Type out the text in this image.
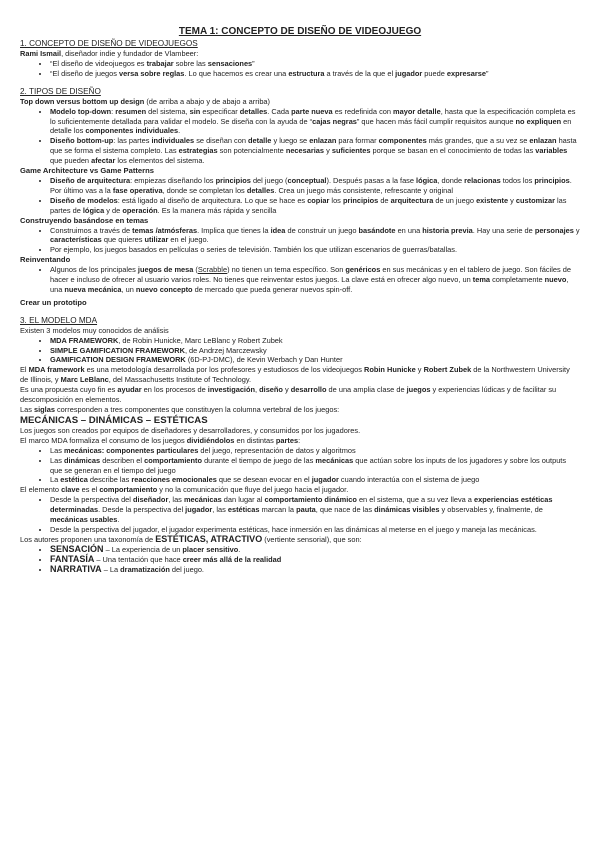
TEMA 1: CONCEPTO DE DISEÑO DE VIDEOJUEGO
1. CONCEPTO DE DISEÑO DE VIDEOJUEGOS

Rami Ismail, diseñador indie y fundador de Vlambeer:

• “El diseño de videojuegos es trabajar sobre las sensaciones”
• “El diseño de juegos versa sobre reglas. Lo que hacemos es crear una estructura a través de la que el jugador puede expresarse”
2. TIPOS DE DISEÑO

Top down versus bottom up design (de arriba a abajo y de abajo a arriba)

• Modelo top-down: resumen del sistema, sin especificar detalles. Cada parte nueva es redefinida con mayor detalle, hasta que la especificación completa es lo suficientemente detallada para validar el modelo. Se diseña con la ayuda de “cajas negras” que hacen más fácil cumplir requisitos aunque no expliquen en detalle los componentes individuales.
• Diseño bottom-up: las partes individuales se diseñan con detalle y luego se enlazan para formar componentes más grandes, que a su vez se enlazan hasta que se forma el sistema completo. Las estrategias son potencialmente necesarias y suficientes porque se basan en el conocimiento de todas las variables que pueden afectar los elementos del sistema.

Game Architecture vs Game Patterns

• Diseño de arquitectura: empiezas diseñando los principios del juego (conceptual). Después pasas a la fase lógica, donde relacionas todos los principios. Por último vas a la fase operativa, donde se completan los detalles. Crea un juego más consistente, refrescante y original
• Diseño de modelos: está ligado al diseño de arquitectura. Lo que se hace es copiar los principios de arquitectura de un juego existente y customizar las partes de lógica y de operación. Es la manera más rápida y sencilla

Construyendo basándose en temas

• Construimos a través de temas /atmósferas. Implica que tienes la idea de construir un juego basándote en una historia previa. Hay una serie de personajes y características que quieres utilizar en el juego.
• Por ejemplo, los juegos basados en películas o series de televisión. También los que utilizan escenarios de guerras/batallas.

Reinventando

• Algunos de los principales juegos de mesa (Scrabble) no tienen un tema específico. Son genéricos en sus mecánicas y en el tablero de juego. Son fáciles de hacer e incluso de ofrecer al usuario varios roles. No tienes que reinventar estos juegos. La clave está en ofrecer algo nuevo, un tema completamente nuevo, una nueva mecánica, un nuevo concepto de mercado que pueda generar nuevos spin-off.

Crear un prototipo

3. EL MODELO MDA

Existen 3 modelos muy conocidos de análisis

• MDA FRAMEWORK, de Robin Hunicke, Marc LeBlanc y Robert Zubek
• SIMPLE GAMIFICATION FRAMEWORK, de Andrzej Marczewsky
• GAMIFICATION DESIGN FRAMEWORK (6D-PJ-DMC), de Kevin Werbach y Dan Hunter

El MDA framework es una metodología desarrollada por los profesores y estudiosos de los videojuegos Robin Hunicke y Robert Zubek de la Northwestern University de Illinois, y Marc LeBlanc, del Massachusetts Institute of Technology.

Es una propuesta cuyo fin es ayudar en los procesos de investigación, diseño y desarrollo de una amplia clase de juegos y experiencias lúdicas y de facilitar su descomposición en elementos.

Las siglas corresponden a tres componentes que constituyen la columna vertebral de los juegos:

MECÁNICAS – DINÁMICAS – ESTÉTICAS

Los juegos son creados por equipos de diseñadores y desarrolladores, y consumidos por los jugadores.

El marco MDA formaliza el consumo de los juegos dividiéndolos en distintas partes:

• Las mecánicas: componentes particulares del juego, representación de datos y algoritmos
• Las dinámicas describen el comportamiento durante el tiempo de juego de las mecánicas que actúan sobre los inputs de los jugadores y sobre los outputs que se generan en el tiempo del juego
• La estética describe las reacciones emocionales que se desean evocar en el jugador cuando interactúa con el sistema de juego

El elemento clave es el comportamiento y no la comunicación que fluye del juego hacia el jugador.

• Desde la perspectiva del diseñador, las mecánicas dan lugar al comportamiento dinámico en el sistema, que a su vez lleva a experiencias estéticas determinadas. Desde la perspectiva del jugador, las estéticas marcan la pauta, que nace de las dinámicas visibles y observables y, finalmente, de mecánicas usables.
• Desde la perspectiva del jugador, el jugador experimenta estéticas, hace inmersión en las dinámicas al meterse en el juego y maneja las mecánicas.

Los autores proponen una taxonomía de ESTÉTICAS, ATRACTIVO (vertiente sensorial), que son:

• SENSACIÓN – La experiencia de un placer sensitivo.
• FANTASÍA – Una tentación que hace creer más allá de la realidad
• NARRATIVA – La dramatización del juego.
